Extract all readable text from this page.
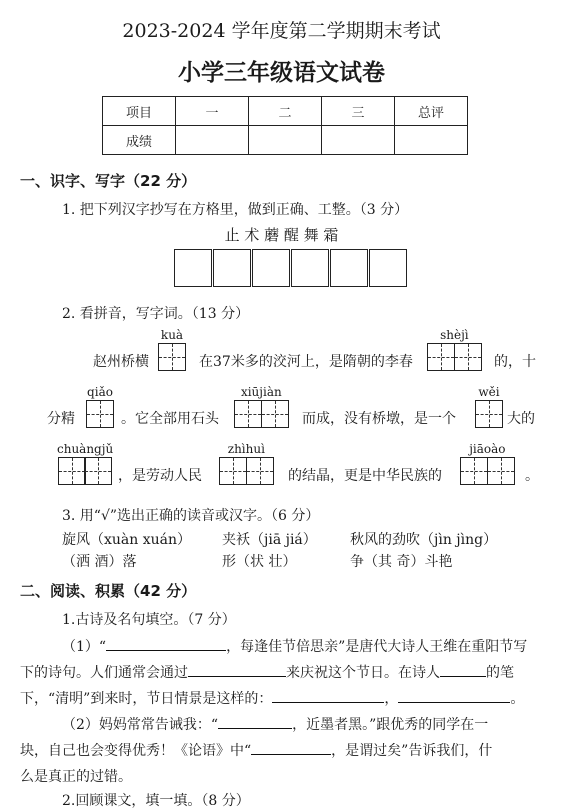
2023-2024 学年度第二学期期末考试
小学三年级语文试卷
项目	一	二	三	总评
成绩				
一、识字、写字（22 分）
1. 把下列汉字抄写在方格里，做到正确、工整。（3 分）
止 术 蘑 醒 舞 霜
2. 看拼音，写字词。（13 分）
赵州桥横
kuà
在37米多的洨河上，是隋朝的李春
shèjì
的，十
分精
qiǎo
。它全部用石头
xiūjiàn
而成，没有桥墩，是一个
wěi
大的
chuàngjǔ
，是劳动人民
zhìhuì
的结晶，更是中华民族的
jiāoào
。
3. 用“√”选出正确的读音或汉字。（6 分）
旋风（xuàn xuán） 夹袄（jiā jiá） 秋风的劲吹（jìn jìng）
（洒 酒）落	形（状 壮）	争（其 奇）斗艳
二、阅读、积累（42 分）
1.古诗及名句填空。（7 分）
（1）“	，每逢佳节倍思亲”是唐代大诗人王维在重阳节写
下的诗句。人们通常会通过	来庆祝这个节日。在诗人	的笔
下，“清明”到来时，节日情景是这样的：	，	。
（2）妈妈常常告诫我：“	，近墨者黑。”跟优秀的同学在一
块，自己也会变得优秀！《论语》中“	，是谓过矣”告诉我们，什
么是真正的过错。
2.回顾课文，填一填。（8 分）
